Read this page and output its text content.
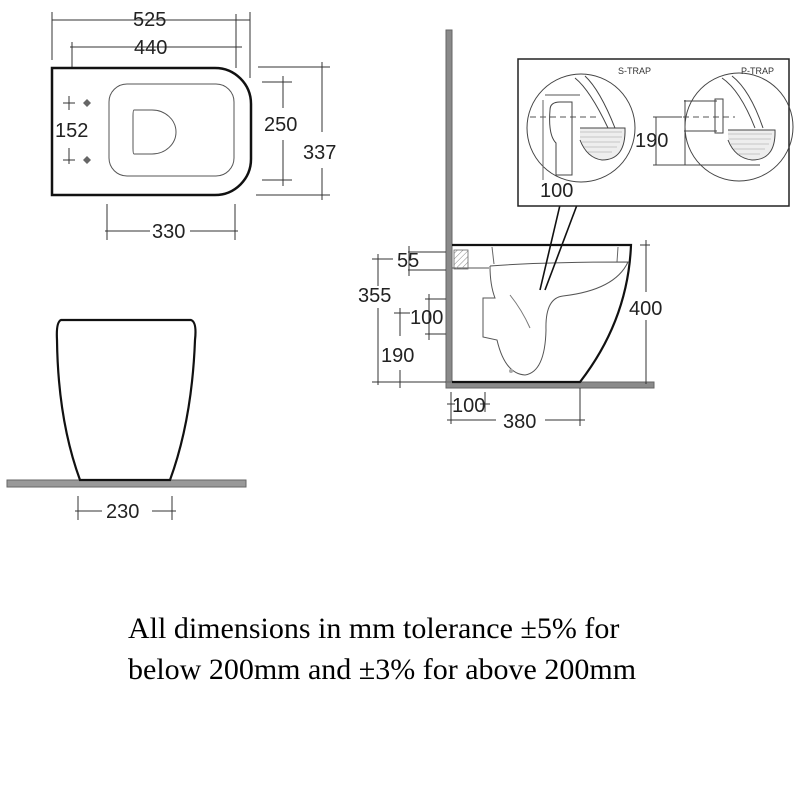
525
440
152	250
337
330
230
55
355
100
190
400
100
380
S-TRAP	P-TRAP
100
190
All dimensions in mm tolerance ±5% for
below 200mm and ±3% for above 200mm
